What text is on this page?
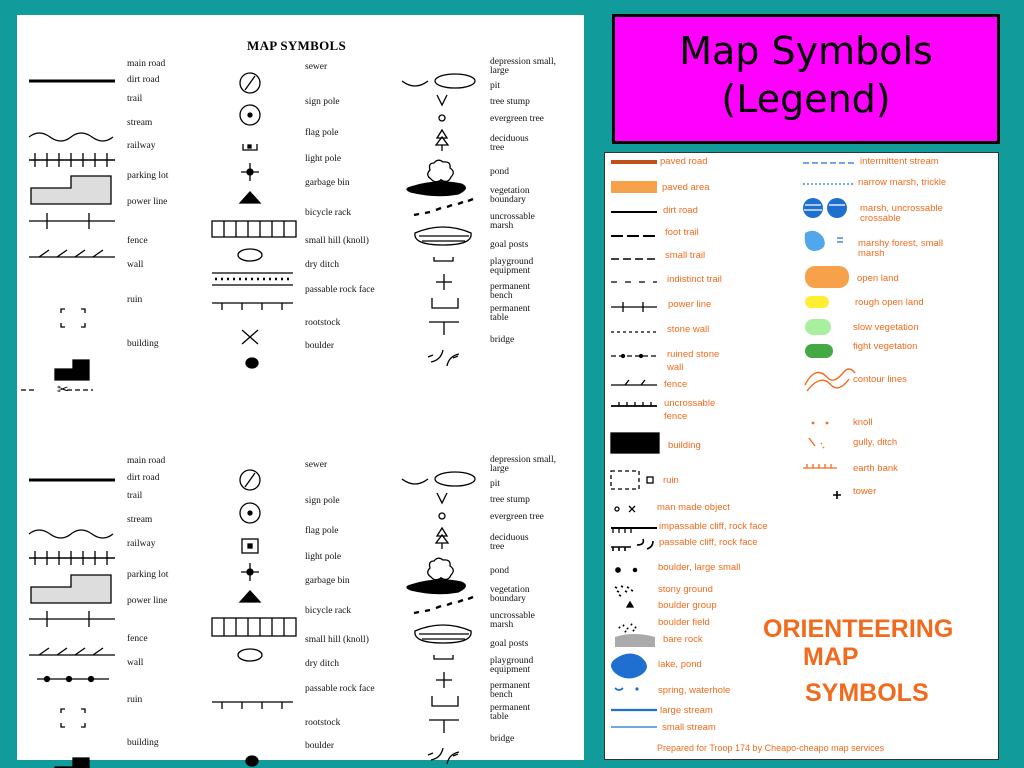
MAP SYMBOLS
main road
dirt road
trail
stream
railway
parking lot
power line
fence
wall
ruin
building
sewer
sign pole
flag pole
light pole
garbage bin
bicycle rack
small hill (knoll)
dry ditch
passable rock face
rootstock
boulder
depression small, large
pit
tree stump
evergreen tree
deciduous tree
pond
vegetation boundary
uncrossable marsh
goal posts
playground equipment
permanent bench
permanent table
bridge
✂
main road
dirt road
trail
stream
railway
parking lot
power line
fence
wall
ruin
building
sewer
sign pole
flag pole
light pole
garbage bin
bicycle rack
small hill (knoll)
dry ditch
passable rock face
rootstock
boulder
depression small, large
pit
tree stump
evergreen tree
deciduous tree
pond
vegetation boundary
uncrossable marsh
goal posts
playground equipment
permanent bench
permanent table
bridge
Map Symbols
(Legend)
paved road
paved area
dirt road
foot trail
small trail
indistinct trail
power line
stone wall
ruined stone wall
fence
uncrossable fence
building
ruin
man made object
impassable cliff, rock face
passable cliff, rock face
boulder, large small
stony ground
boulder group
boulder field
bare rock
lake, pond
spring, waterhole
large stream
small stream
intermittent stream
narrow marsh, trickle
marsh, uncrossable crossable
marshy forest, small marsh
open land
rough open land
slow vegetation
fight vegetation
contour lines
knoll
gully, ditch
earth bank
tower
ORIENTEERING
MAP
SYMBOLS
Prepared for Troop 174 by Cheapo-cheapo map services
